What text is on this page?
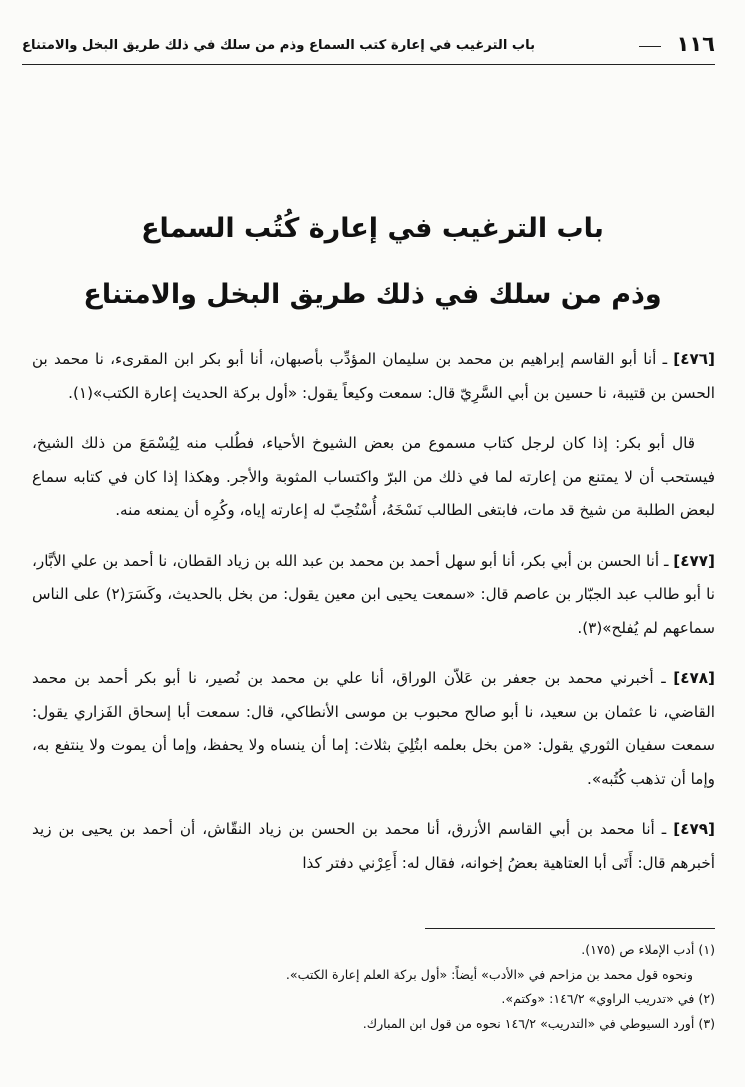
١١٦
باب الترغيب في إعارة كتب السماع وذم من سلك في ذلك طريق البخل والامتناع
باب الترغيب في إعارة كُتُب السماع
وذم من سلك في ذلك طريق البخل والامتناع

[٤٧٦] ـ أنا أبو القاسم إبراهيم بن محمد بن سليمان المؤدِّب بأصبهان، أنا أبو بكر ابن المقرىء، نا محمد بن الحسن بن قتيبة، نا حسين بن أبي السَّرِيّ قال: سمعت وكيعاً يقول: «أول بركة الحديث إعارة الكتب»(١).

قال أبو بكر: إذا كان لرجل كتاب مسموع من بعض الشيوخ الأحياء، فطُلب منه لِيُسْمَعَ من ذلك الشيخ، فيستحب أن لا يمتنع من إعارته لما في ذلك من البرّ واكتساب المثوبة والأجر. وهكذا إذا كان في كتابه سماع لبعض الطلبة من شيخ قد مات، فابتغى الطالب نَسْخَهُ، أُسْتُحِبّ له إعارته إياه، وكُرِه أن يمنعه منه.

[٤٧٧] ـ أنا الحسن بن أبي بكر، أنا أبو سهل أحمد بن محمد بن عبد الله بن زياد القطان، نا أحمد بن علي الأبَّار، نا أبو طالب عبد الجبّار بن عاصم قال: «سمعت يحيى ابن معين يقول: من بخل بالحديث، وكَسَرَ(٢) على الناس سماعهم لم يُفلح»(٣).

[٤٧٨] ـ أخبرني محمد بن جعفر بن عَلاّن الوراق، أنا علي بن محمد بن نُصير، نا أبو بكر أحمد بن محمد القاضي، نا عثمان بن سعيد، نا أبو صالح محبوب بن موسى الأنطاكي، قال: سمعت أبا إسحاق الفَزاري يقول: سمعت سفيان الثوري يقول: «من بخل بعلمه ابتُلِيَ بثلاث: إما أن ينساه ولا يحفظ، وإما أن يموت ولا ينتفع به، وإما أن تذهب كُتُبه».

[٤٧٩] ـ أنا محمد بن أبي القاسم الأزرق، أنا محمد بن الحسن بن زياد النقّاش، أن أحمد بن يحيى بن زيد أخبرهم قال: أَتَى أبا العتاهية بعضُ إخوانه، فقال له: أَعِرْني دفتر كذا

(١) أدب الإملاء ص (١٧٥).
ونحوه قول محمد بن مزاحم في «الأدب» أيضاً: «أول بركة العلم إعارة الكتب».
(٢) في «تدريب الراوي» ١٤٦/٢: «وكتم».
(٣) أورد السيوطي في «التدريب» ١٤٦/٢ نحوه من قول ابن المبارك.
